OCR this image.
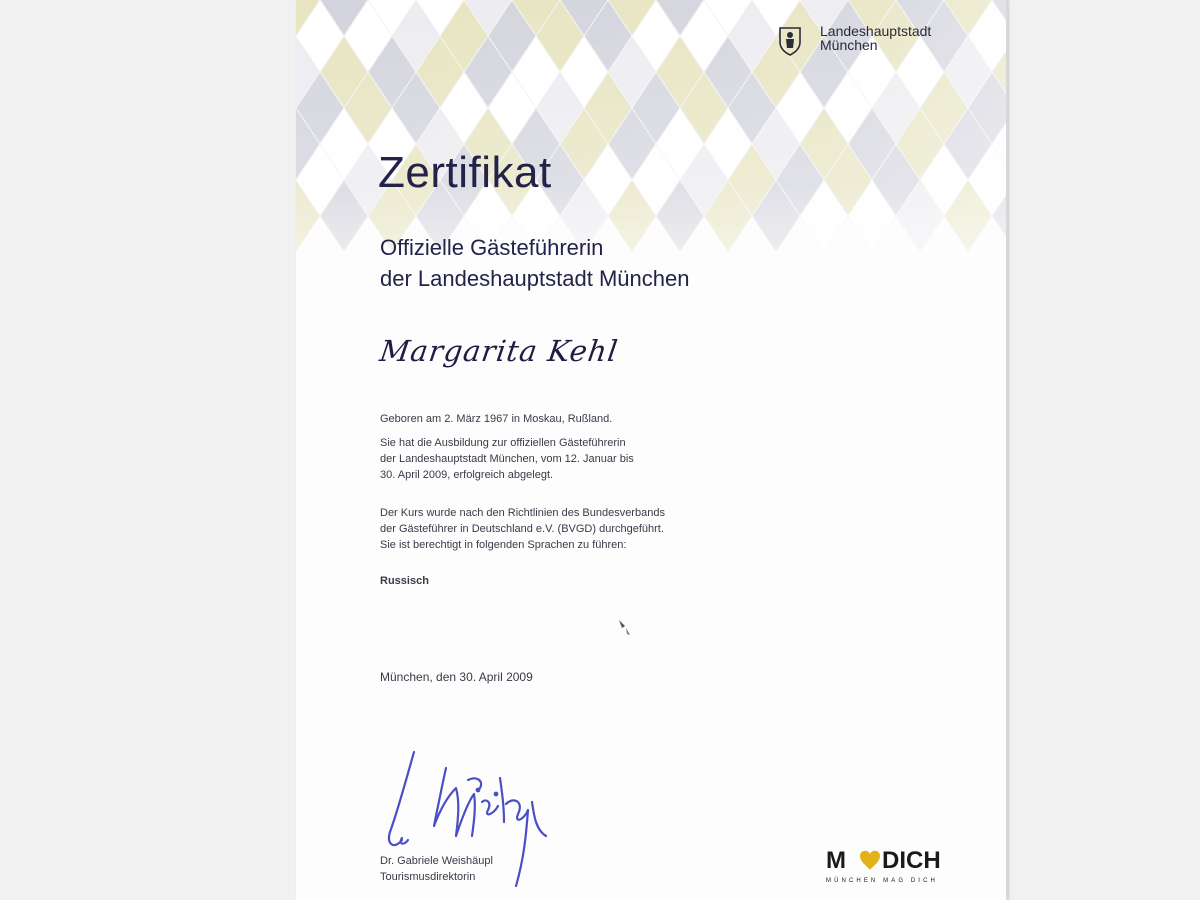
Landeshauptstadt
München
Zertifikat
Offizielle Gästeführerin
der Landeshauptstadt München
Margarita Kehl

Geboren am 2. März 1967 in Moskau, Rußland.

Sie hat die Ausbildung zur offiziellen Gästeführerin

der Landeshauptstadt München, vom 12. Januar bis

30. April 2009, erfolgreich abgelegt.

Der Kurs wurde nach den Richtlinien des Bundesverbands

der Gästeführer in Deutschland e.V. (BVGD) durchgeführt.

Sie ist berechtigt in folgenden Sprachen zu führen:

Russisch
München, den 30. April 2009
Dr. Gabriele Weishäupl
Tourismusdirektorin
M DICH
MÜNCHEN MAG DICH
